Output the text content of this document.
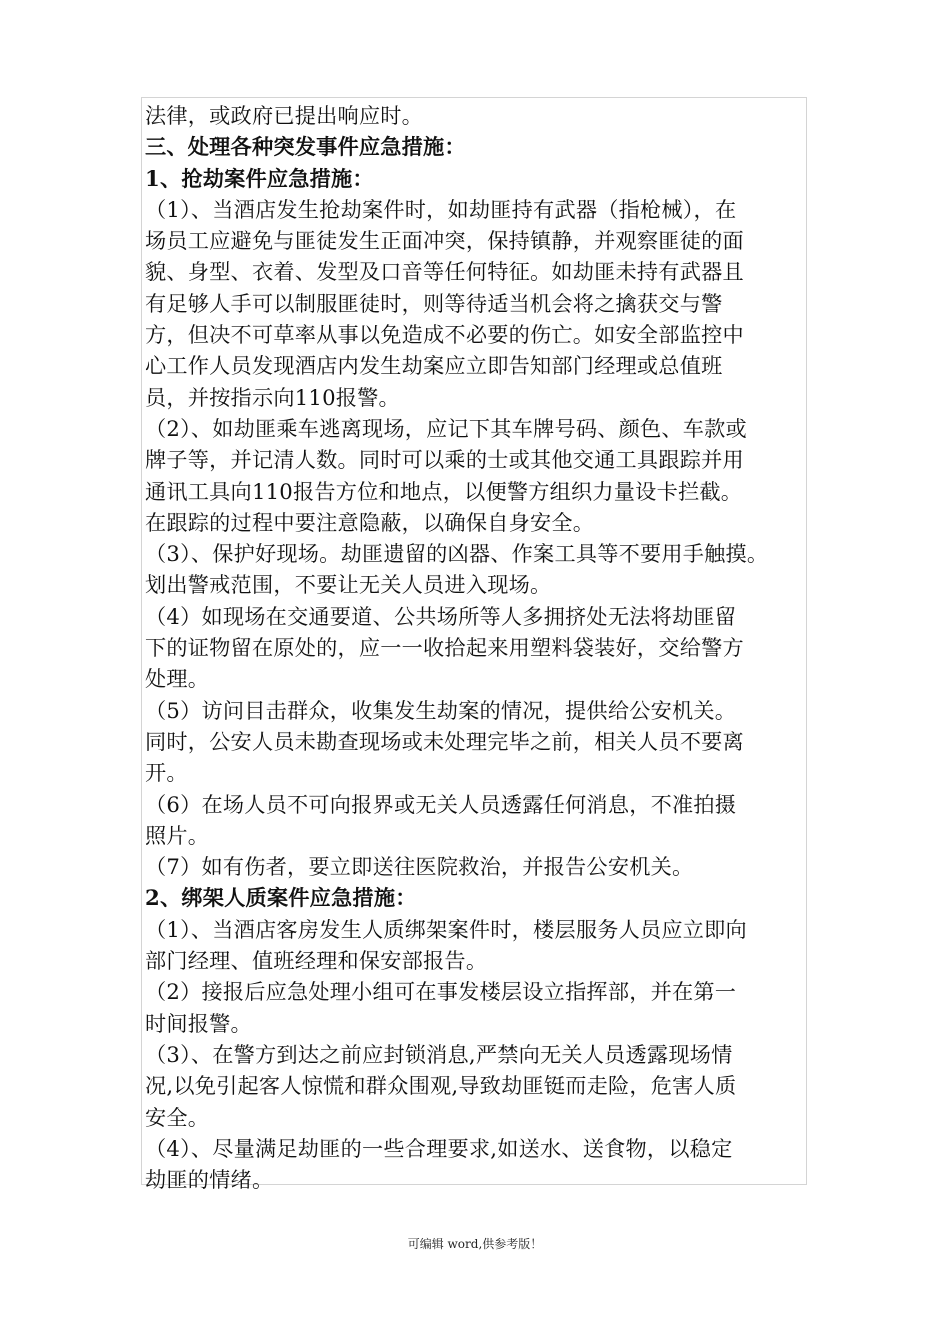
法律，或政府已提出响应时。
三、处理各种突发事件应急措施：
1、抢劫案件应急措施：
（1）、当酒店发生抢劫案件时，如劫匪持有武器（指枪械），在
场员工应避免与匪徒发生正面冲突，保持镇静，并观察匪徒的面
貌、身型、衣着、发型及口音等任何特征。如劫匪未持有武器且
有足够人手可以制服匪徒时，则等待适当机会将之擒获交与警
方，但决不可草率从事以免造成不必要的伤亡。如安全部监控中
心工作人员发现酒店内发生劫案应立即告知部门经理或总值班
员，并按指示向110报警。
（2）、如劫匪乘车逃离现场，应记下其车牌号码、颜色、车款或
牌子等，并记清人数。同时可以乘的士或其他交通工具跟踪并用
通讯工具向110报告方位和地点，以便警方组织力量设卡拦截。
在跟踪的过程中要注意隐蔽，以确保自身安全。
（3）、保护好现场。劫匪遗留的凶器、作案工具等不要用手触摸。
划出警戒范围，不要让无关人员进入现场。
（4）如现场在交通要道、公共场所等人多拥挤处无法将劫匪留
下的证物留在原处的，应一一收拾起来用塑料袋装好，交给警方
处理。
（5）访问目击群众，收集发生劫案的情况，提供给公安机关。
同时，公安人员未勘查现场或未处理完毕之前，相关人员不要离
开。
（6）在场人员不可向报界或无关人员透露任何消息，不准拍摄
照片。
（7）如有伤者，要立即送往医院救治，并报告公安机关。
2、绑架人质案件应急措施：
（1）、当酒店客房发生人质绑架案件时，楼层服务人员应立即向
部门经理、值班经理和保安部报告。
（2）接报后应急处理小组可在事发楼层设立指挥部，并在第一
时间报警。
（3）、在警方到达之前应封锁消息,严禁向无关人员透露现场情
况,以免引起客人惊慌和群众围观,导致劫匪铤而走险，危害人质
安全。
（4）、尽量满足劫匪的一些合理要求,如送水、送食物，以稳定
劫匪的情绪。
可编辑 word,供参考版！
